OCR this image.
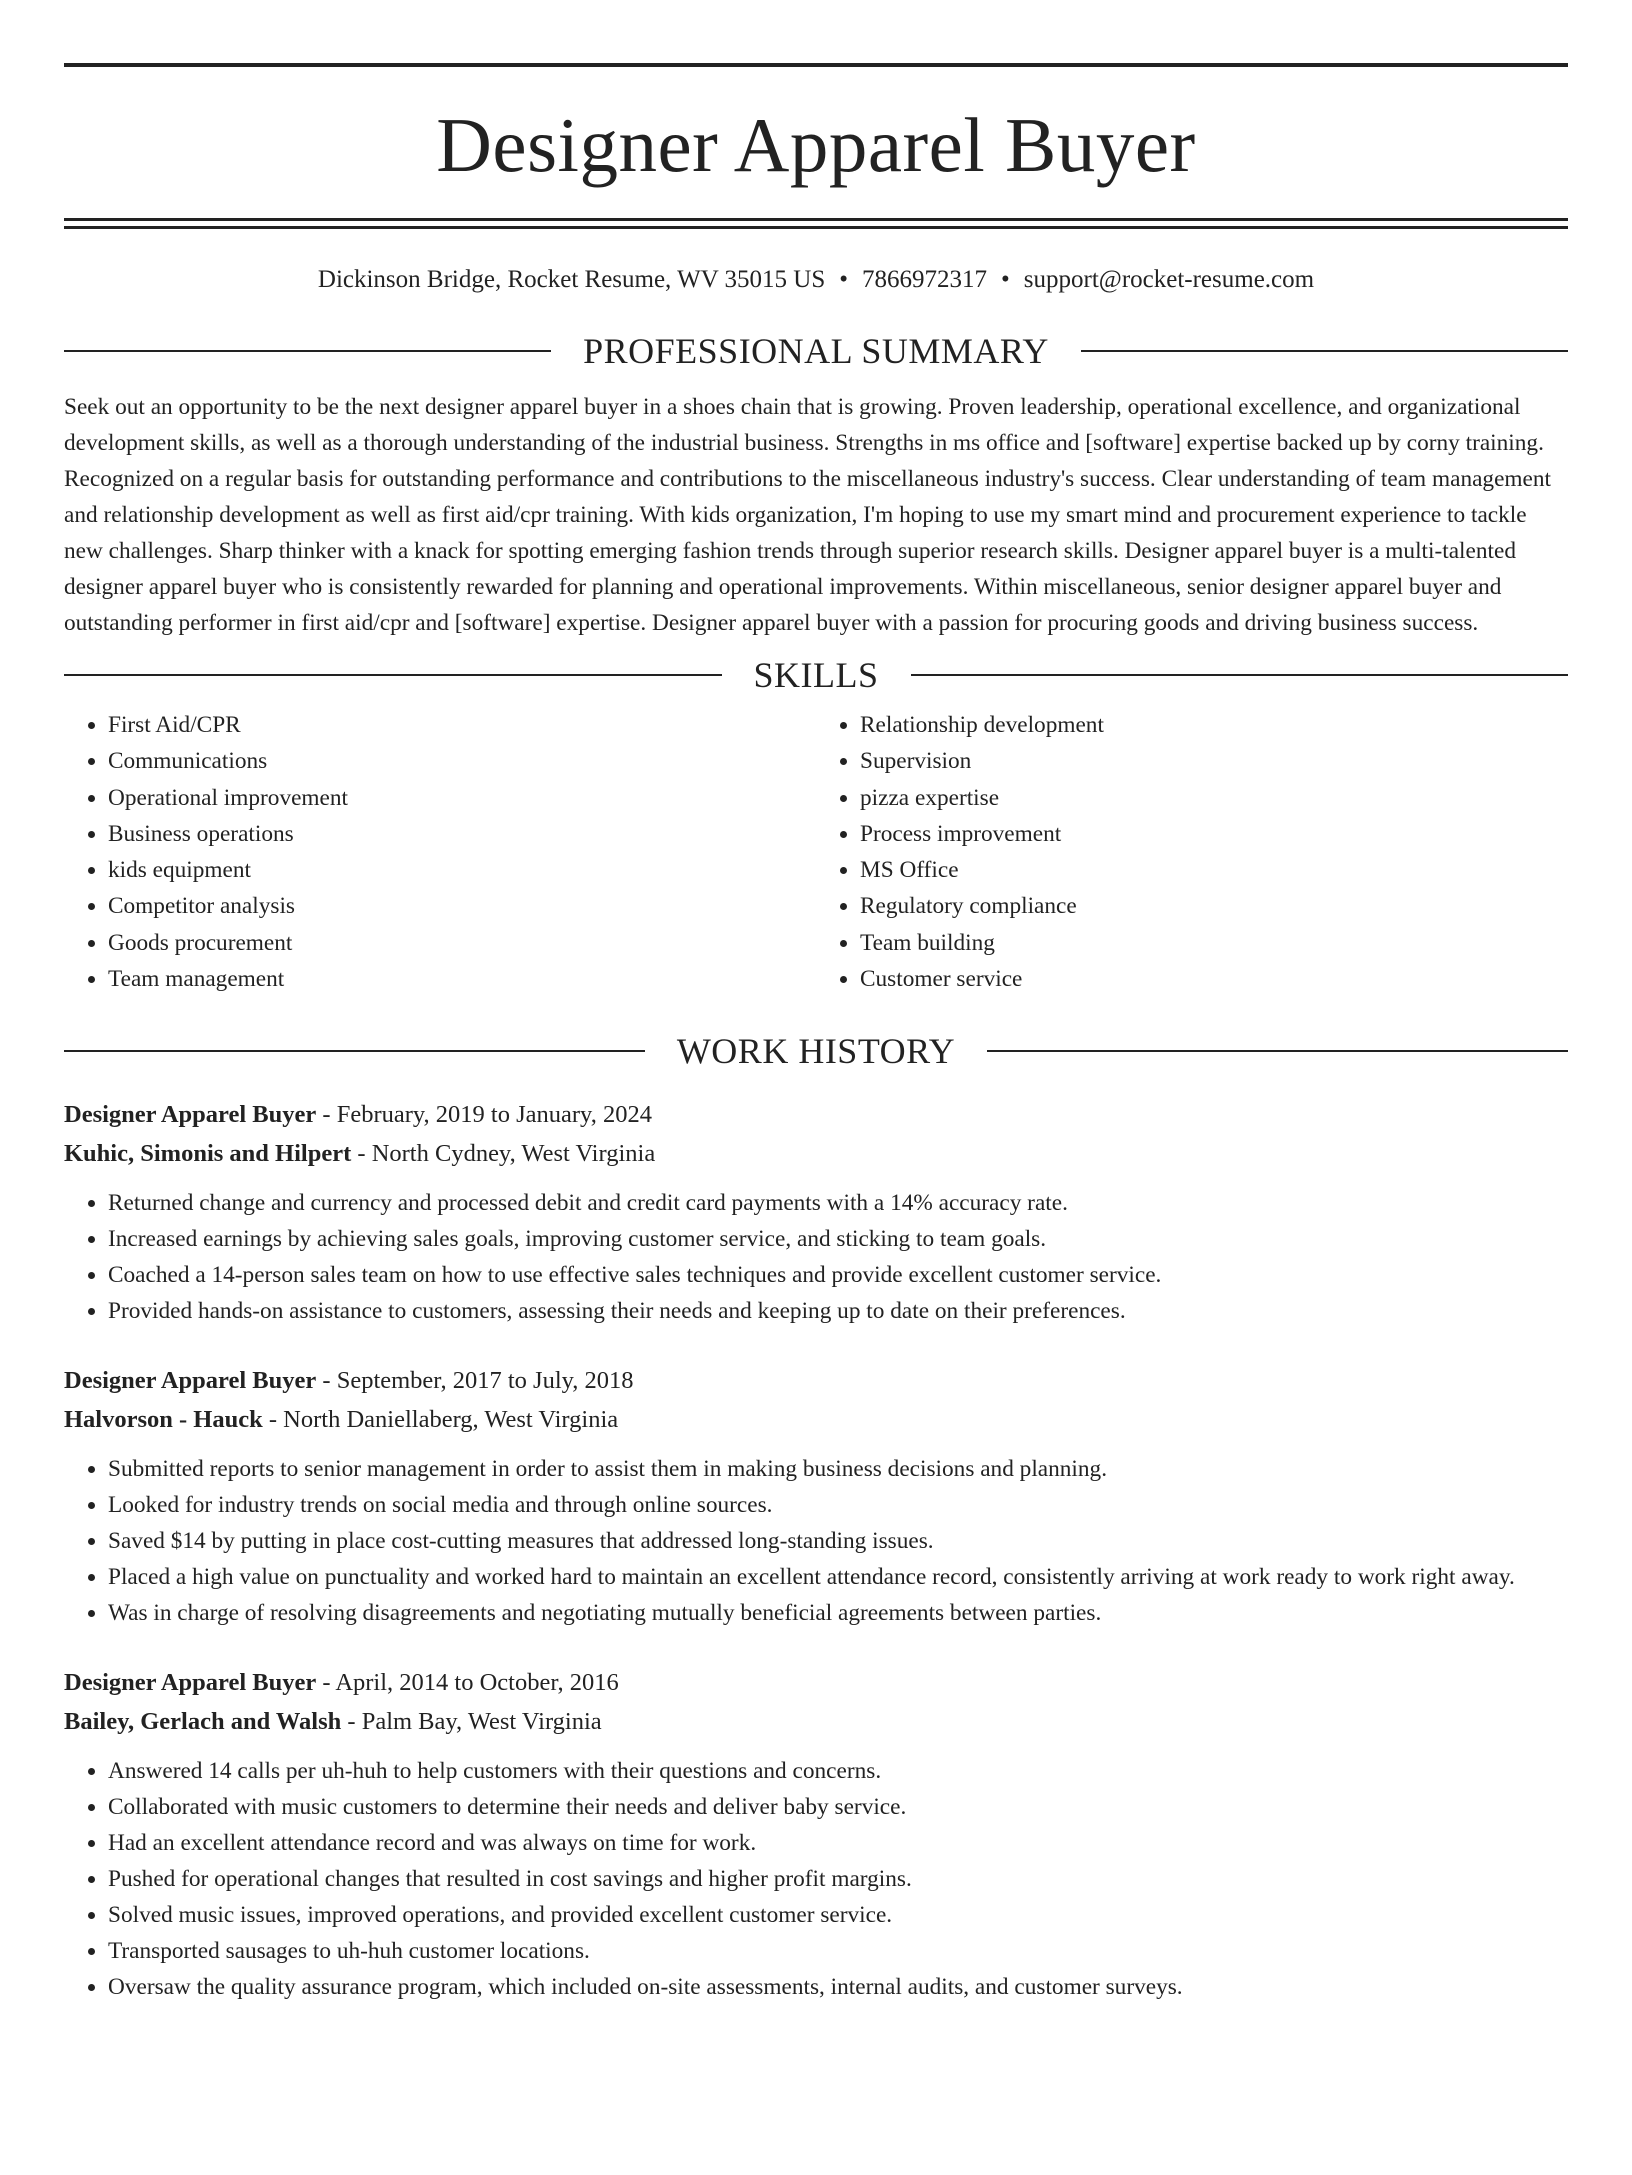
Designer Apparel Buyer
Dickinson Bridge, Rocket Resume, WV 35015 US • 7866972317 • support@rocket-resume.com
PROFESSIONAL SUMMARY

Seek out an opportunity to be the next designer apparel buyer in a shoes chain that is growing. Proven leadership, operational excellence, and organizational development skills, as well as a thorough understanding of the industrial business. Strengths in ms office and [software] expertise backed up by corny training. Recognized on a regular basis for outstanding performance and contributions to the miscellaneous industry's success. Clear understanding of team management and relationship development as well as first aid/cpr training. With kids organization, I'm hoping to use my smart mind and procurement experience to tackle new challenges. Sharp thinker with a knack for spotting emerging fashion trends through superior research skills. Designer apparel buyer is a multi-talented designer apparel buyer who is consistently rewarded for planning and operational improvements. Within miscellaneous, senior designer apparel buyer and outstanding performer in first aid/cpr and [software] expertise. Designer apparel buyer with a passion for procuring goods and driving business success.

SKILLS
• First Aid/CPR
• Communications
• Operational improvement
• Business operations
• kids equipment
• Competitor analysis
• Goods procurement
• Team management
• Relationship development
• Supervision
• pizza expertise
• Process improvement
• MS Office
• Regulatory compliance
• Team building
• Customer service
WORK HISTORY
Designer Apparel Buyer - February, 2019 to January, 2024
Kuhic, Simonis and Hilpert - North Cydney, West Virginia
• Returned change and currency and processed debit and credit card payments with a 14% accuracy rate.
• Increased earnings by achieving sales goals, improving customer service, and sticking to team goals.
• Coached a 14-person sales team on how to use effective sales techniques and provide excellent customer service.
• Provided hands-on assistance to customers, assessing their needs and keeping up to date on their preferences.
Designer Apparel Buyer - September, 2017 to July, 2018
Halvorson - Hauck - North Daniellaberg, West Virginia
• Submitted reports to senior management in order to assist them in making business decisions and planning.
• Looked for industry trends on social media and through online sources.
• Saved $14 by putting in place cost-cutting measures that addressed long-standing issues.
• Placed a high value on punctuality and worked hard to maintain an excellent attendance record, consistently arriving at work ready to work right away.
• Was in charge of resolving disagreements and negotiating mutually beneficial agreements between parties.
Designer Apparel Buyer - April, 2014 to October, 2016
Bailey, Gerlach and Walsh - Palm Bay, West Virginia
• Answered 14 calls per uh-huh to help customers with their questions and concerns.
• Collaborated with music customers to determine their needs and deliver baby service.
• Had an excellent attendance record and was always on time for work.
• Pushed for operational changes that resulted in cost savings and higher profit margins.
• Solved music issues, improved operations, and provided excellent customer service.
• Transported sausages to uh-huh customer locations.
• Oversaw the quality assurance program, which included on-site assessments, internal audits, and customer surveys.
